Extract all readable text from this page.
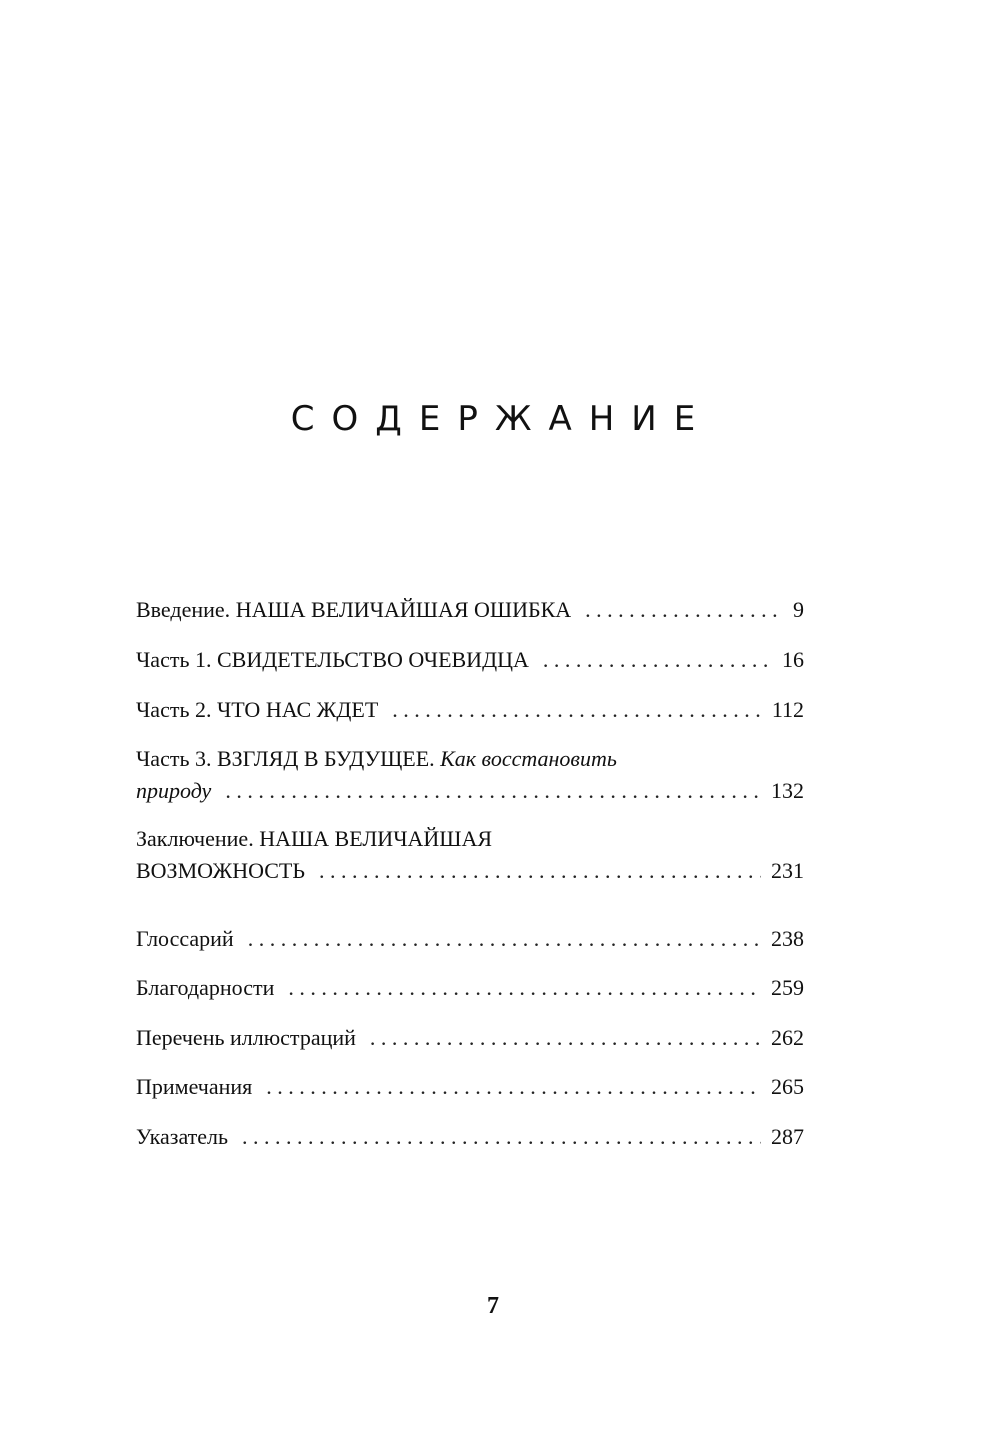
СОДЕРЖАНИЕ
Введение. НАША ВЕЛИЧАЙШАЯ ОШИБКА . . .	9
Часть 1. СВИДЕТЕЛЬСТВО ОЧЕВИДЦА . . .	16
Часть 2. ЧТО НАС ЖДЕТ . . .	112
Часть 3. ВЗГЛЯД В БУДУЩЕЕ. Как восстановить
природу . . .	132
Заключение. НАША ВЕЛИЧАЙШАЯ
ВОЗМОЖНОСТЬ . . .	231
Глоссарий . . .	238
Благодарности . . .	259
Перечень иллюстраций . . .	262
Примечания . . .	265
Указатель . . .	287
7
